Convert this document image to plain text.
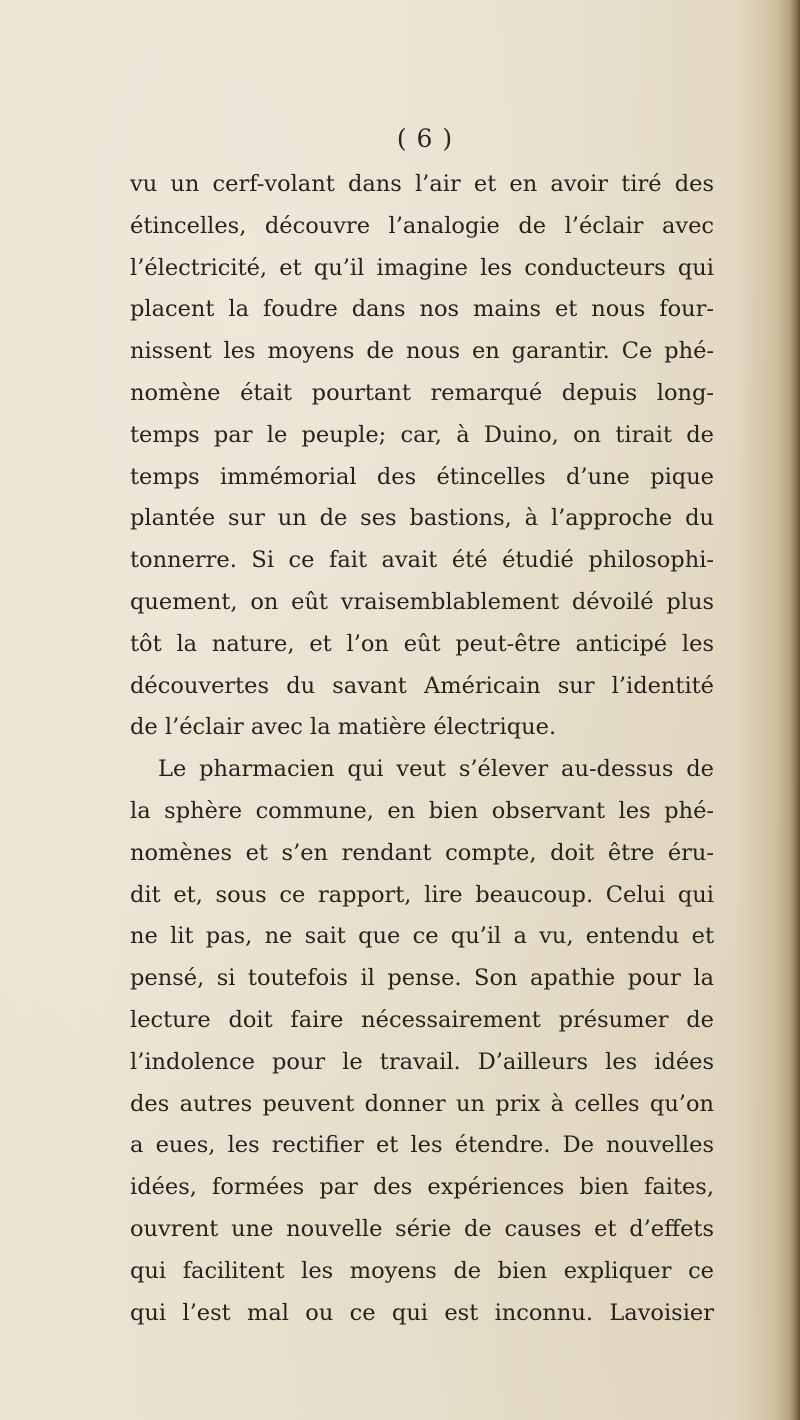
( 6 )
vu un cerf-volant dans l’air et en avoir tiré des
étincelles, découvre l’analogie de l’éclair avec
l’électricité, et qu’il imagine les conducteurs qui
placent la foudre dans nos mains et nous four-
nissent les moyens de nous en garantir. Ce phé-
nomène était pourtant remarqué depuis long-
temps par le peuple; car, à Duino, on tirait de
temps immémorial des étincelles d’une pique
plantée sur un de ses bastions, à l’approche du
tonnerre. Si ce fait avait été étudié philosophi-
quement, on eût vraisemblablement dévoilé plus
tôt la nature, et l’on eût peut-être anticipé les
découvertes du savant Américain sur l’identité
de l’éclair avec la matière électrique.
Le pharmacien qui veut s’élever au-dessus de
la sphère commune, en bien observant les phé-
nomènes et s’en rendant compte, doit être éru-
dit et, sous ce rapport, lire beaucoup. Celui qui
ne lit pas, ne sait que ce qu’il a vu, entendu et
pensé, si toutefois il pense. Son apathie pour la
lecture doit faire nécessairement présumer de
l’indolence pour le travail. D’ailleurs les idées
des autres peuvent donner un prix à celles qu’on
a eues, les rectifier et les étendre. De nouvelles
idées, formées par des expériences bien faites,
ouvrent une nouvelle série de causes et d’effets
qui facilitent les moyens de bien expliquer ce
qui l’est mal ou ce qui est inconnu. Lavoisier
